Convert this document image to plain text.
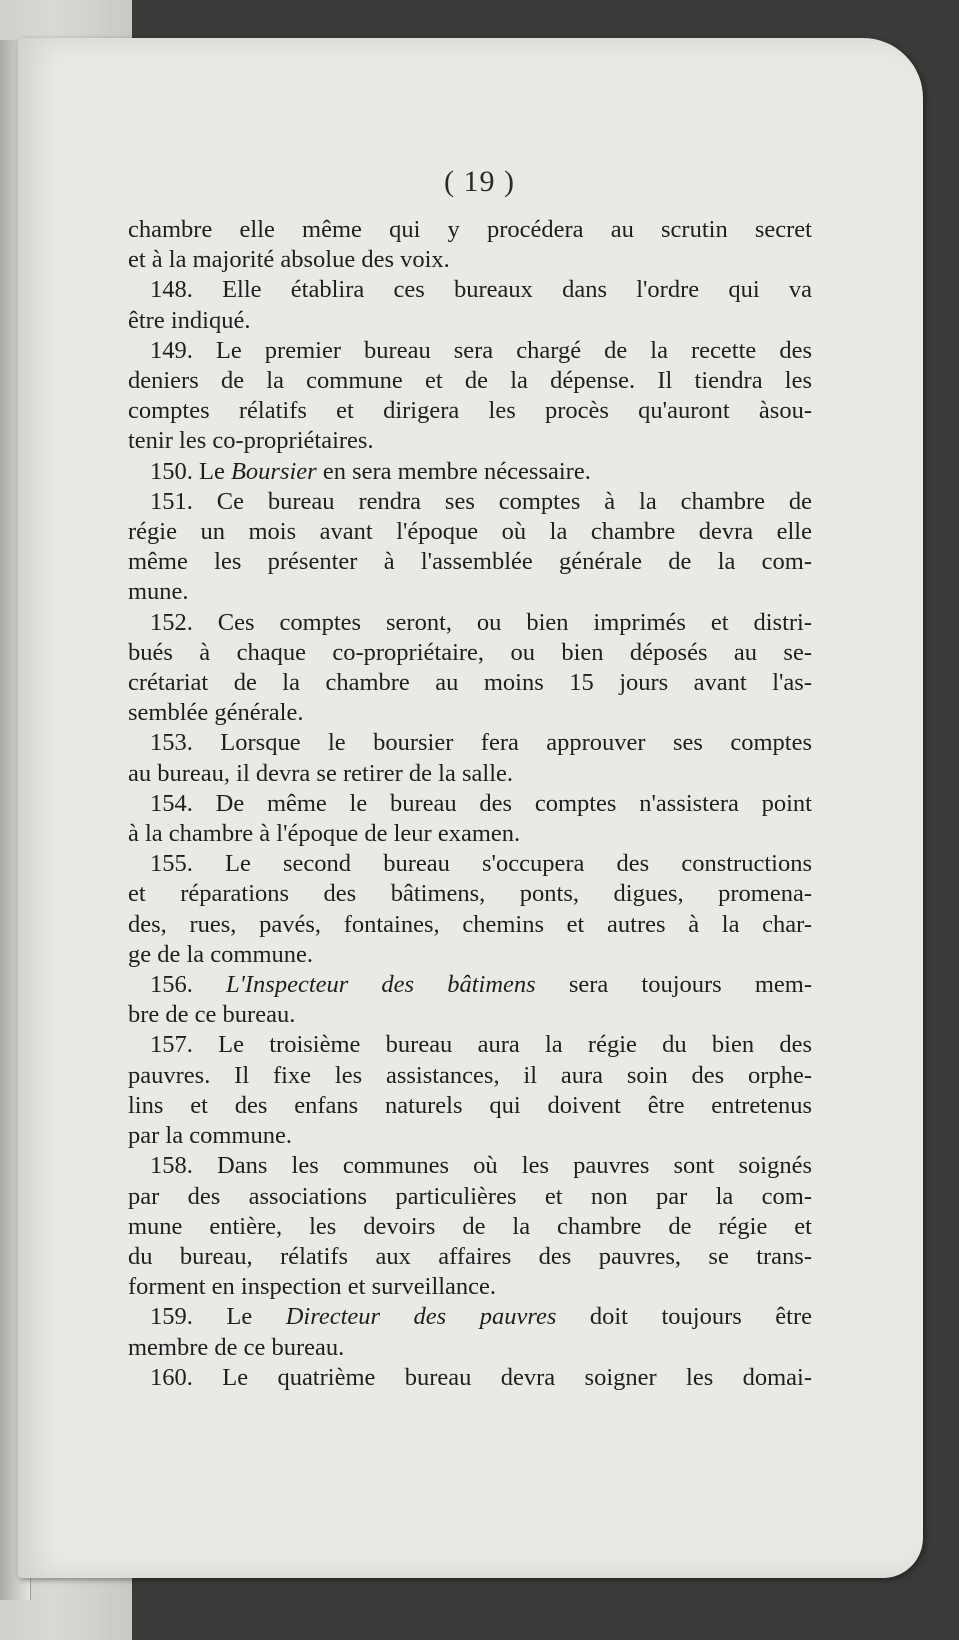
( 19 )
chambre elle même qui y procédera au scrutin secret
et à la majorité absolue des voix.
148. Elle établira ces bureaux dans l'ordre qui va
être indiqué.
149. Le premier bureau sera chargé de la recette des
deniers de la commune et de la dépense. Il tiendra les
comptes rélatifs et dirigera les procès qu'auront àsou-
tenir les co-propriétaires.
150. Le Boursier en sera membre nécessaire.
151. Ce bureau rendra ses comptes à la chambre de
régie un mois avant l'époque où la chambre devra elle
même les présenter à l'assemblée générale de la com-
mune.
152. Ces comptes seront, ou bien imprimés et distri-
bués à chaque co-propriétaire, ou bien déposés au se-
crétariat de la chambre au moins 15 jours avant l'as-
semblée générale.
153. Lorsque le boursier fera approuver ses comptes
au bureau, il devra se retirer de la salle.
154. De même le bureau des comptes n'assistera point
à la chambre à l'époque de leur examen.
155. Le second bureau s'occupera des constructions
et réparations des bâtimens, ponts, digues, promena-
des, rues, pavés, fontaines, chemins et autres à la char-
ge de la commune.
156. L'Inspecteur des bâtimens sera toujours mem-
bre de ce bureau.
157. Le troisième bureau aura la régie du bien des
pauvres. Il fixe les assistances, il aura soin des orphe-
lins et des enfans naturels qui doivent être entretenus
par la commune.
158. Dans les communes où les pauvres sont soignés
par des associations particulières et non par la com-
mune entière, les devoirs de la chambre de régie et
du bureau, rélatifs aux affaires des pauvres, se trans-
forment en inspection et surveillance.
159. Le Directeur des pauvres doit toujours être
membre de ce bureau.
160. Le quatrième bureau devra soigner les domai-
